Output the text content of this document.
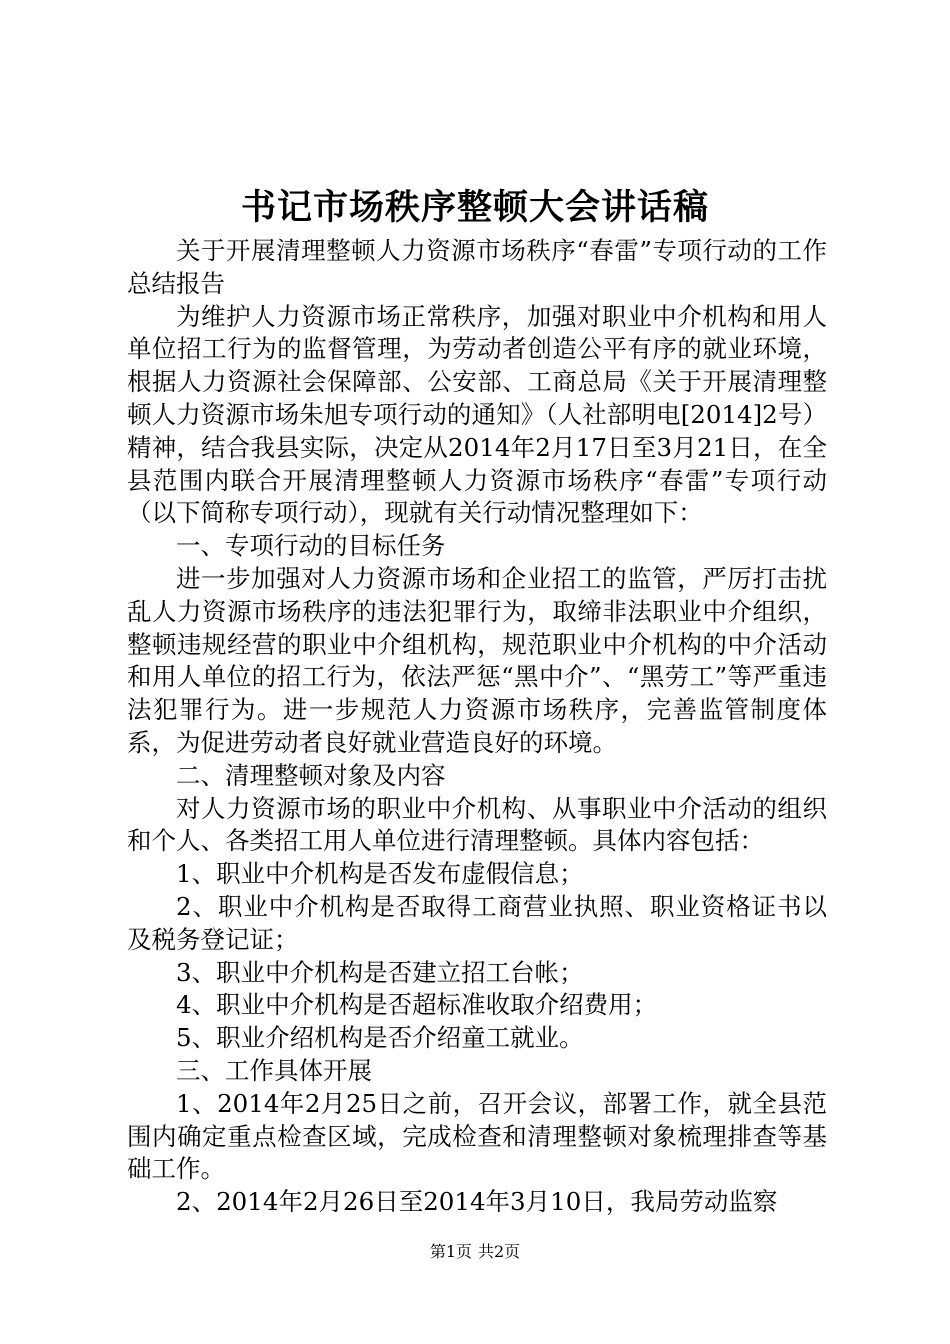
书记市场秩序整顿大会讲话稿

关于开展清理整顿人力资源市场秩序“春雷”专项行动的工作总结报告

为维护人力资源市场正常秩序，加强对职业中介机构和用人单位招工行为的监督管理，为劳动者创造公平有序的就业环境，根据人力资源社会保障部、公安部、工商总局《关于开展清理整顿人力资源市场朱旭专项行动的通知》（人社部明电[2014]2号）精神，结合我县实际，决定从2014年2月17日至3月21日，在全县范围内联合开展清理整顿人力资源市场秩序“春雷”专项行动（以下简称专项行动），现就有关行动情况整理如下：

一、专项行动的目标任务

进一步加强对人力资源市场和企业招工的监管，严厉打击扰乱人力资源市场秩序的违法犯罪行为，取缔非法职业中介组织，整顿违规经营的职业中介组机构，规范职业中介机构的中介活动和用人单位的招工行为，依法严惩“黑中介”、“黑劳工”等严重违法犯罪行为。进一步规范人力资源市场秩序，完善监管制度体系，为促进劳动者良好就业营造良好的环境。

二、清理整顿对象及内容

对人力资源市场的职业中介机构、从事职业中介活动的组织和个人、各类招工用人单位进行清理整顿。具体内容包括：

1、职业中介机构是否发布虚假信息；

2、职业中介机构是否取得工商营业执照、职业资格证书以及税务登记证；

3、职业中介机构是否建立招工台帐；

4、职业中介机构是否超标准收取介绍费用；

5、职业介绍机构是否介绍童工就业。

三、工作具体开展

1、2014年2月25日之前，召开会议，部署工作，就全县范围内确定重点检查区域，完成检查和清理整顿对象梳理排查等基础工作。

2、2014年2月26日至2014年3月10日，我局劳动监察

第1页 共2页
